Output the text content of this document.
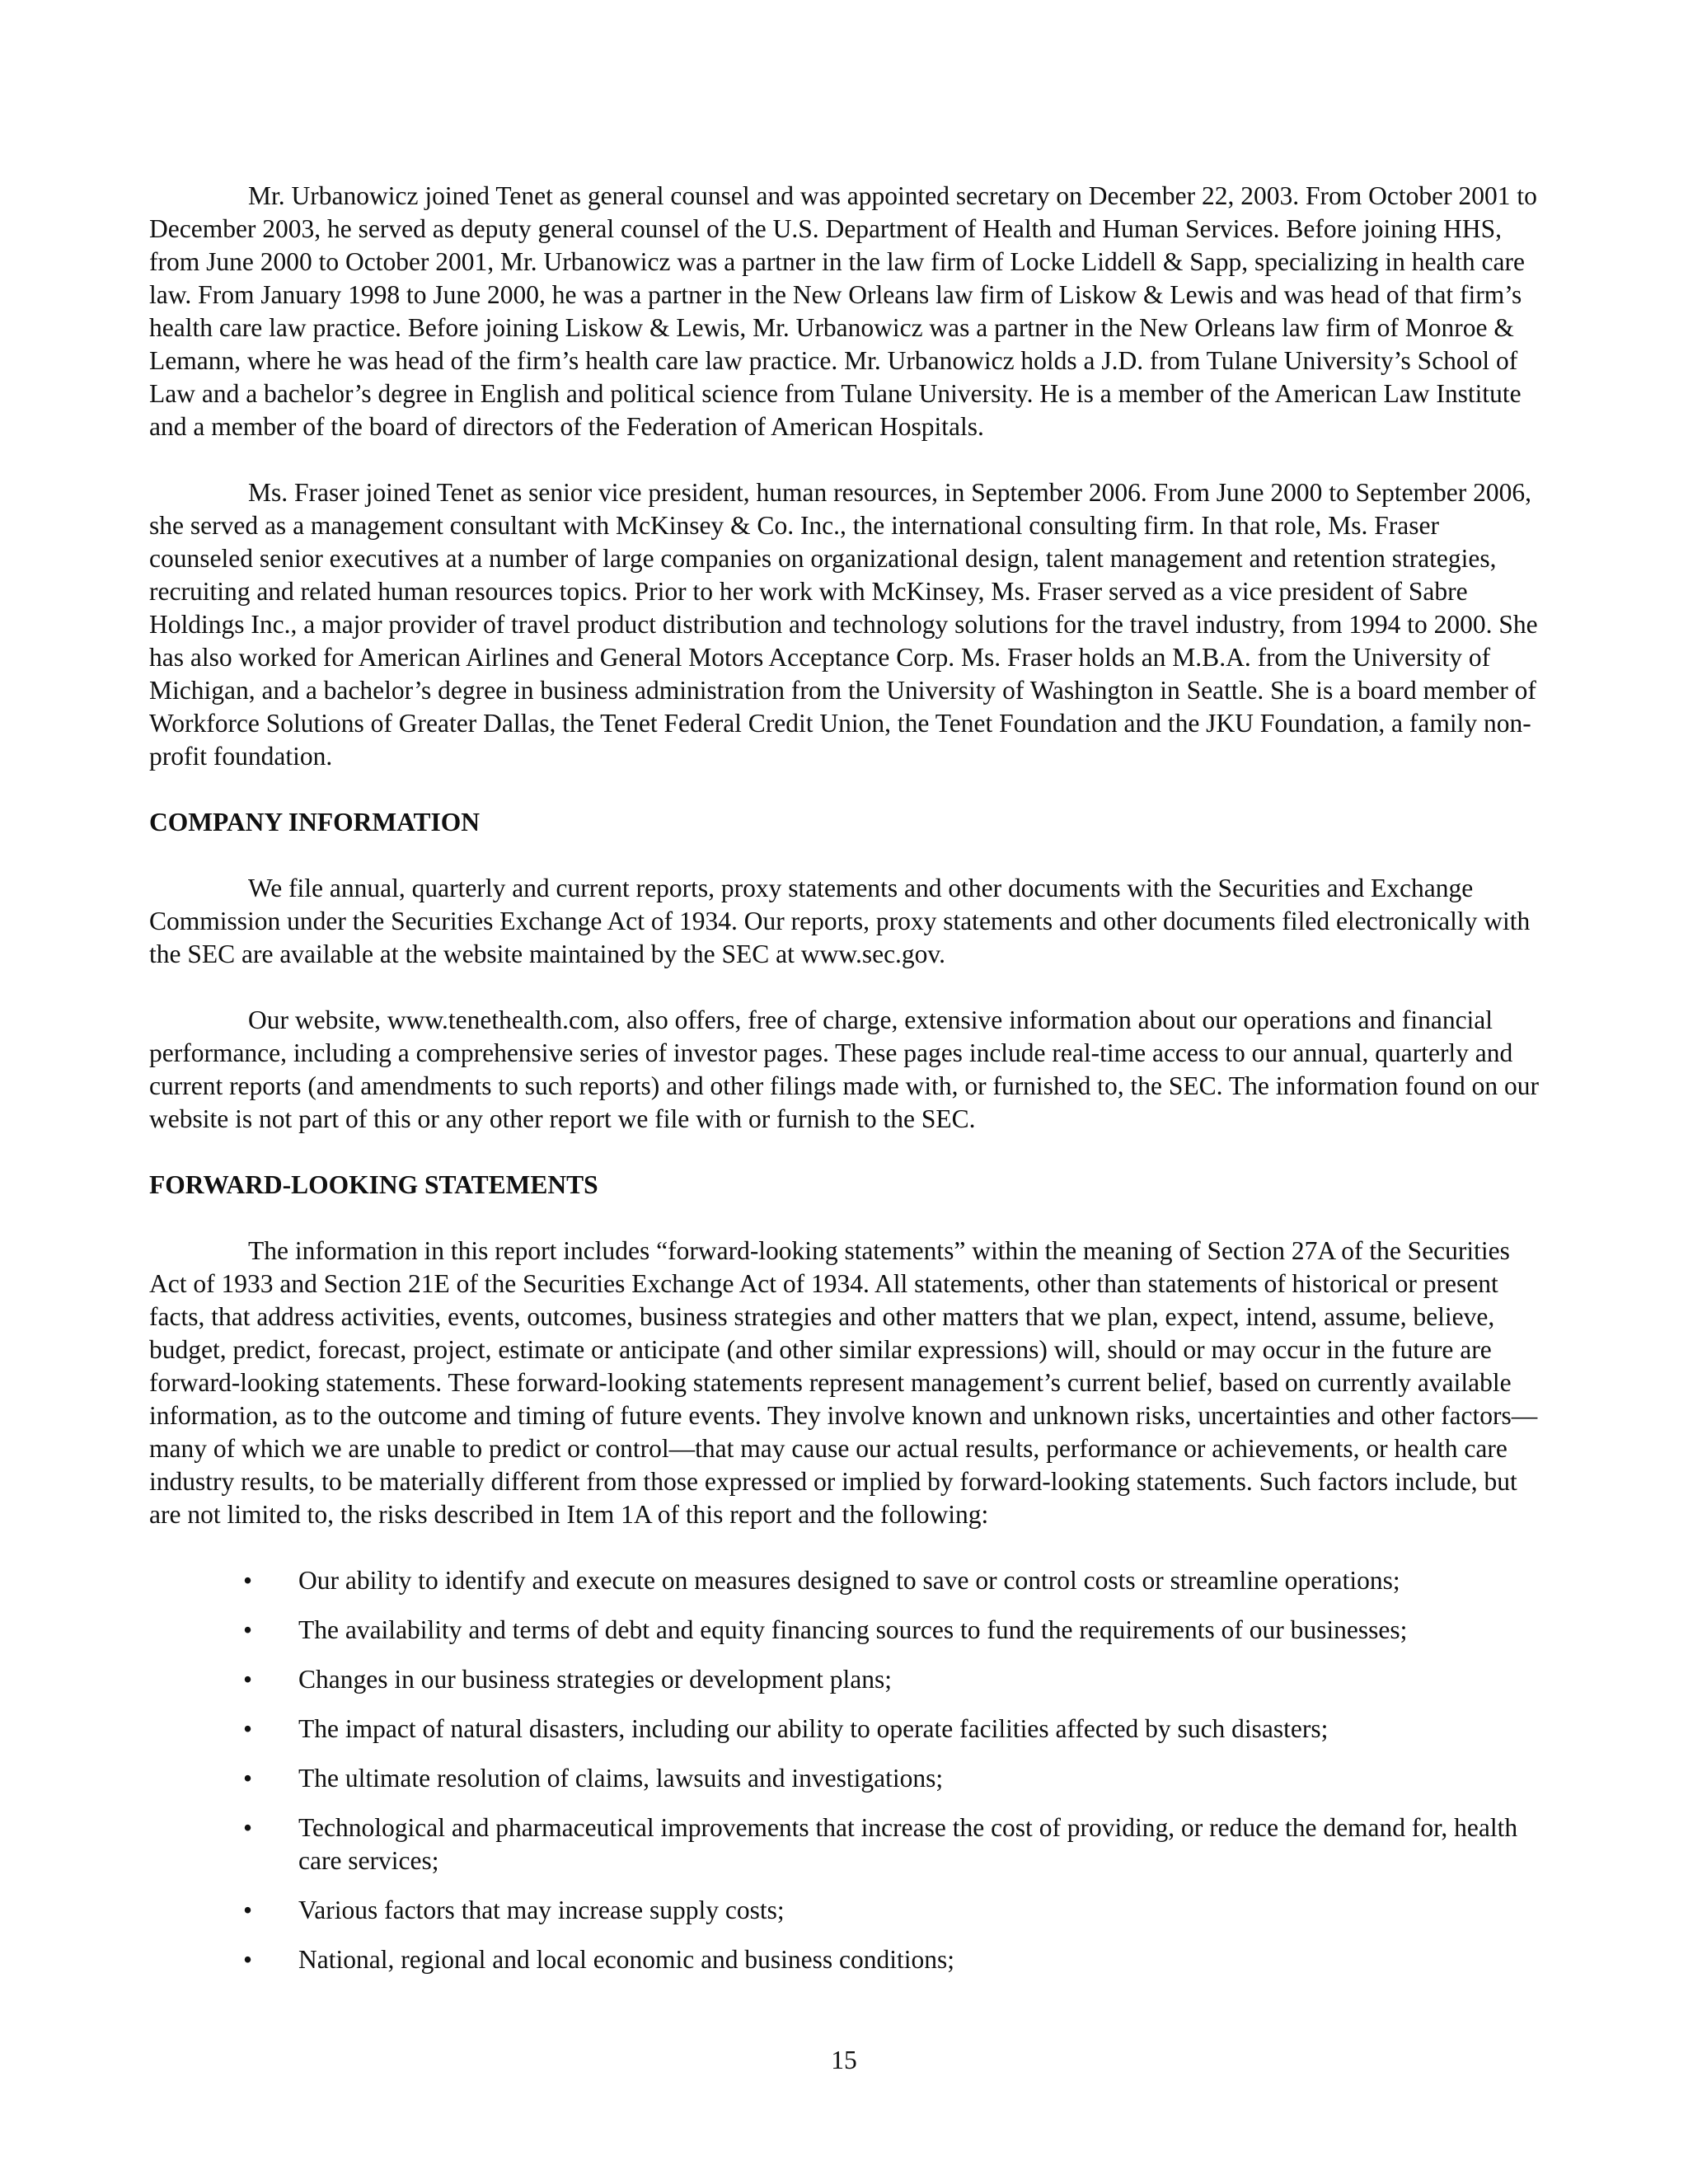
Mr. Urbanowicz joined Tenet as general counsel and was appointed secretary on December 22, 2003. From October 2001 to December 2003, he served as deputy general counsel of the U.S. Department of Health and Human Services. Before joining HHS, from June 2000 to October 2001, Mr. Urbanowicz was a partner in the law firm of Locke Liddell & Sapp, specializing in health care law. From January 1998 to June 2000, he was a partner in the New Orleans law firm of Liskow & Lewis and was head of that firm’s health care law practice. Before joining Liskow & Lewis, Mr. Urbanowicz was a partner in the New Orleans law firm of Monroe & Lemann, where he was head of the firm’s health care law practice. Mr. Urbanowicz holds a J.D. from Tulane University’s School of Law and a bachelor’s degree in English and political science from Tulane University. He is a member of the American Law Institute and a member of the board of directors of the Federation of American Hospitals.

Ms. Fraser joined Tenet as senior vice president, human resources, in September 2006. From June 2000 to September 2006, she served as a management consultant with McKinsey & Co. Inc., the international consulting firm. In that role, Ms. Fraser counseled senior executives at a number of large companies on organizational design, talent management and retention strategies, recruiting and related human resources topics. Prior to her work with McKinsey, Ms. Fraser served as a vice president of Sabre Holdings Inc., a major provider of travel product distribution and technology solutions for the travel industry, from 1994 to 2000. She has also worked for American Airlines and General Motors Acceptance Corp. Ms. Fraser holds an M.B.A. from the University of Michigan, and a bachelor’s degree in business administration from the University of Washington in Seattle. She is a board member of Workforce Solutions of Greater Dallas, the Tenet Federal Credit Union, the Tenet Foundation and the JKU Foundation, a family non-profit foundation.

COMPANY INFORMATION

We file annual, quarterly and current reports, proxy statements and other documents with the Securities and Exchange Commission under the Securities Exchange Act of 1934. Our reports, proxy statements and other documents filed electronically with the SEC are available at the website maintained by the SEC at www.sec.gov.

Our website, www.tenethealth.com, also offers, free of charge, extensive information about our operations and financial performance, including a comprehensive series of investor pages. These pages include real-time access to our annual, quarterly and current reports (and amendments to such reports) and other filings made with, or furnished to, the SEC. The information found on our website is not part of this or any other report we file with or furnish to the SEC.

FORWARD-LOOKING STATEMENTS

The information in this report includes “forward-looking statements” within the meaning of Section 27A of the Securities Act of 1933 and Section 21E of the Securities Exchange Act of 1934. All statements, other than statements of historical or present facts, that address activities, events, outcomes, business strategies and other matters that we plan, expect, intend, assume, believe, budget, predict, forecast, project, estimate or anticipate (and other similar expressions) will, should or may occur in the future are forward-looking statements. These forward-looking statements represent management’s current belief, based on currently available information, as to the outcome and timing of future events. They involve known and unknown risks, uncertainties and other factors—many of which we are unable to predict or control—that may cause our actual results, performance or achievements, or health care industry results, to be materially different from those expressed or implied by forward-looking statements. Such factors include, but are not limited to, the risks described in Item 1A of this report and the following:

• Our ability to identify and execute on measures designed to save or control costs or streamline operations;
• The availability and terms of debt and equity financing sources to fund the requirements of our businesses;
• Changes in our business strategies or development plans;
• The impact of natural disasters, including our ability to operate facilities affected by such disasters;
• The ultimate resolution of claims, lawsuits and investigations;
• Technological and pharmaceutical improvements that increase the cost of providing, or reduce the demand for, health care services;
• Various factors that may increase supply costs;
• National, regional and local economic and business conditions;
15
